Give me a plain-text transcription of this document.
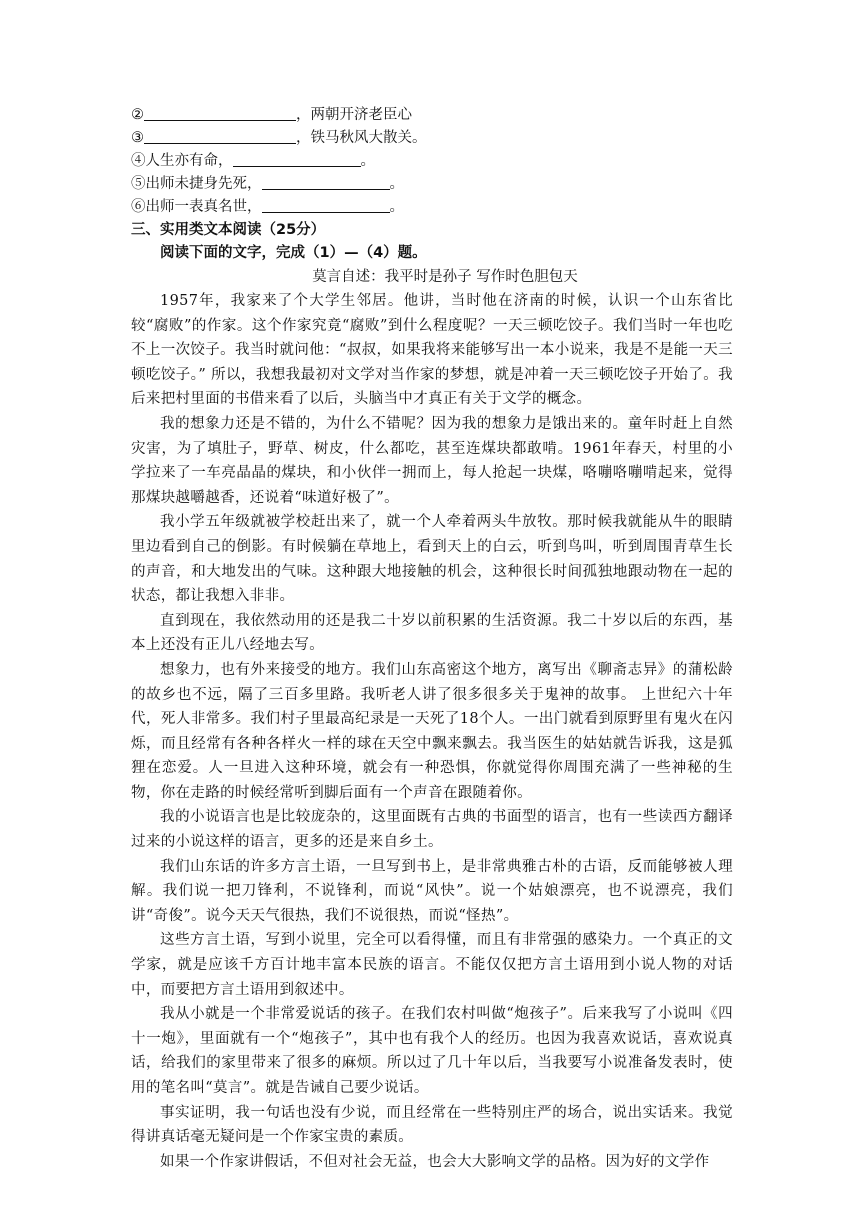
②	，两朝开济老臣心
③	，铁马秋风大散关。
④人生亦有命，	。
⑤出师未捷身先死，	。
⑥出师一表真名世，	。
三、实用类文本阅读（25分）
阅读下面的文字，完成（1）—（4）题。
莫言自述：我平时是孙子 写作时色胆包天

1957年，我家来了个大学生邻居。他讲，当时他在济南的时候，认识一个山东省比较“腐败”的作家。这个作家究竟“腐败”到什么程度呢？一天三顿吃饺子。我们当时一年也吃不上一次饺子。我当时就问他：“叔叔，如果我将来能够写出一本小说来，我是不是能一天三顿吃饺子。” 所以，我想我最初对文学对当作家的梦想，就是冲着一天三顿吃饺子开始了。我后来把村里面的书借来看了以后，头脑当中才真正有关于文学的概念。

我的想象力还是不错的，为什么不错呢？因为我的想象力是饿出来的。童年时赶上自然灾害，为了填肚子，野草、树皮，什么都吃，甚至连煤块都敢啃。1961年春天，村里的小学拉来了一车亮晶晶的煤块，和小伙伴一拥而上，每人抢起一块煤，咯嘣咯嘣啃起来，觉得那煤块越嚼越香，还说着“味道好极了”。

我小学五年级就被学校赶出来了，就一个人牵着两头牛放牧。那时候我就能从牛的眼睛里边看到自己的倒影。有时候躺在草地上，看到天上的白云，听到鸟叫，听到周围青草生长的声音，和大地发出的气味。这种跟大地接触的机会，这种很长时间孤独地跟动物在一起的状态，都让我想入非非。

直到现在，我依然动用的还是我二十岁以前积累的生活资源。我二十岁以后的东西，基本上还没有正儿八经地去写。

想象力，也有外来接受的地方。我们山东高密这个地方，离写出《聊斋志异》的蒲松龄的故乡也不远，隔了三百多里路。我听老人讲了很多很多关于鬼神的故事。 上世纪六十年代，死人非常多。我们村子里最高纪录是一天死了18个人。一出门就看到原野里有鬼火在闪烁，而且经常有各种各样火一样的球在天空中飘来飘去。我当医生的姑姑就告诉我，这是狐狸在恋爱。人一旦进入这种环境，就会有一种恐惧，你就觉得你周围充满了一些神秘的生物，你在走路的时候经常听到脚后面有一个声音在跟随着你。

我的小说语言也是比较庞杂的，这里面既有古典的书面型的语言，也有一些读西方翻译过来的小说这样的语言，更多的还是来自乡土。

我们山东话的许多方言土语，一旦写到书上，是非常典雅古朴的古语，反而能够被人理解。我们说一把刀锋利，不说锋利，而说“风快”。说一个姑娘漂亮，也不说漂亮，我们讲“奇俊”。说今天天气很热，我们不说很热，而说“怪热”。

这些方言土语，写到小说里，完全可以看得懂，而且有非常强的感染力。一个真正的文学家，就是应该千方百计地丰富本民族的语言。不能仅仅把方言土语用到小说人物的对话中，而要把方言土语用到叙述中。

我从小就是一个非常爱说话的孩子。在我们农村叫做“炮孩子”。后来我写了小说叫《四十一炮》，里面就有一个“炮孩子”，其中也有我个人的经历。也因为我喜欢说话，喜欢说真话，给我们的家里带来了很多的麻烦。所以过了几十年以后，当我要写小说准备发表时，使用的笔名叫“莫言”。就是告诫自己要少说话。

事实证明，我一句话也没有少说，而且经常在一些特别庄严的场合，说出实话来。我觉得讲真话毫无疑问是一个作家宝贵的素质。

如果一个作家讲假话，不但对社会无益，也会大大影响文学的品格。因为好的文学作
